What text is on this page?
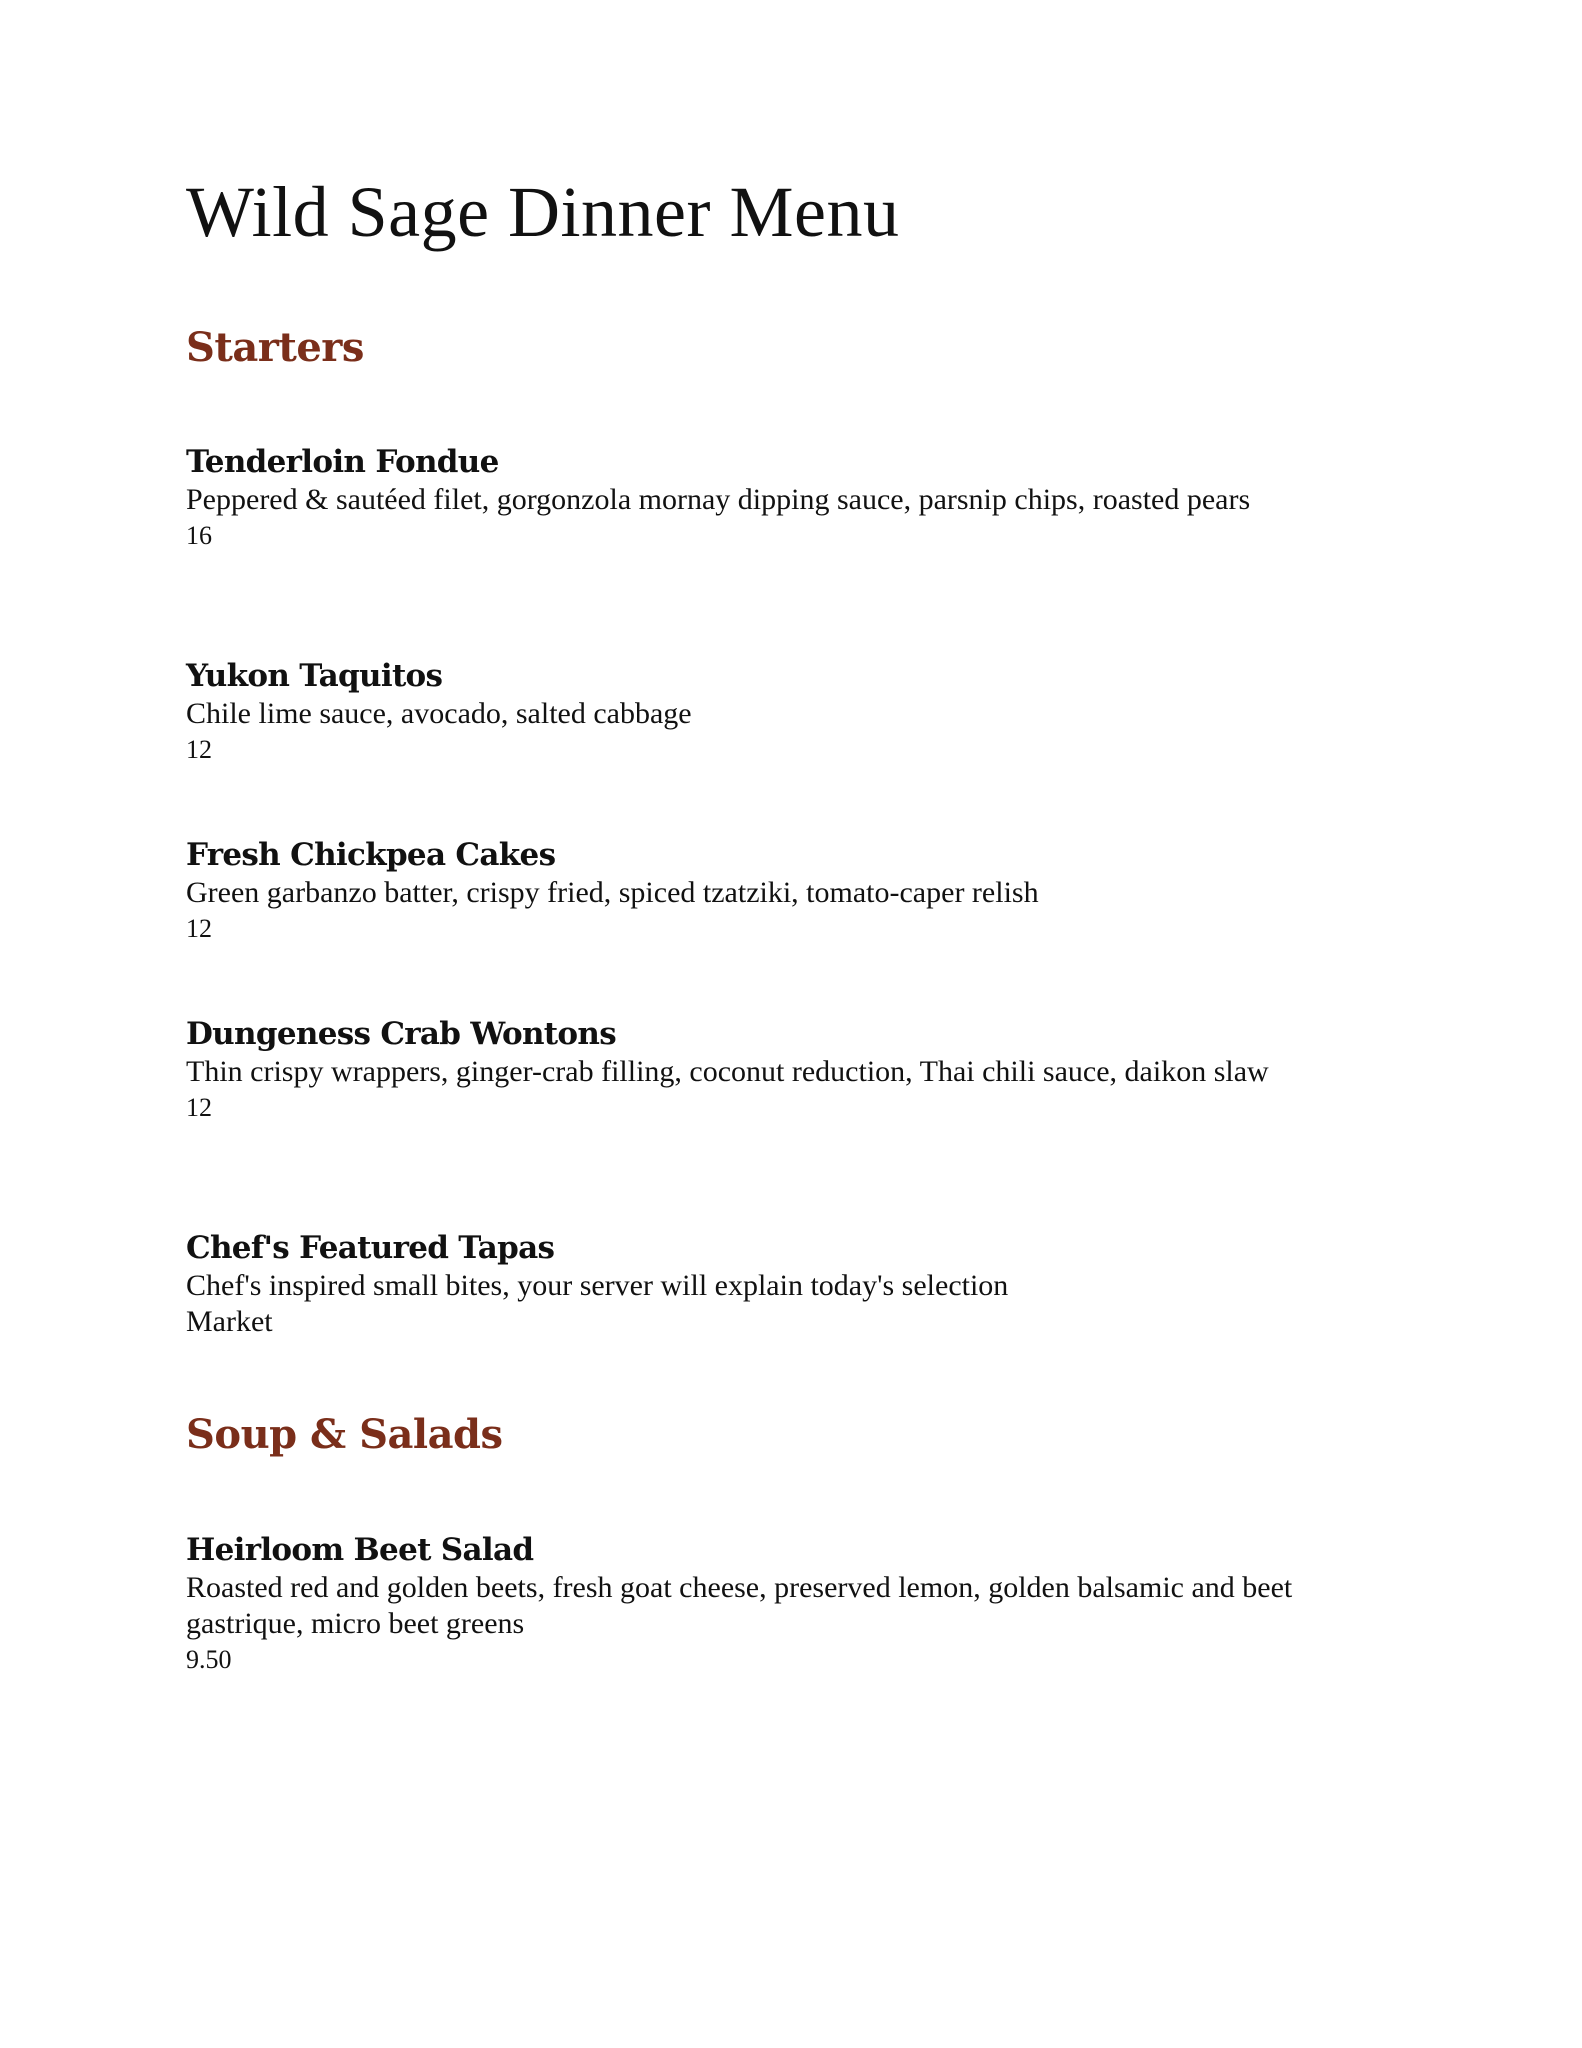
Wild Sage Dinner Menu
Starters

Tenderloin Fondue

Peppered & sautéed filet, gorgonzola mornay dipping sauce, parsnip chips, roasted pears

16

Yukon Taquitos

Chile lime sauce, avocado, salted cabbage

12

Fresh Chickpea Cakes

Green garbanzo batter, crispy fried, spiced tzatziki, tomato-caper relish

12

Dungeness Crab Wontons

Thin crispy wrappers, ginger-crab filling, coconut reduction, Thai chili sauce, daikon slaw

12

Chef's Featured Tapas

Chef's inspired small bites, your server will explain today's selection

Market

Soup & Salads

Heirloom Beet Salad

Roasted red and golden beets, fresh goat cheese, preserved lemon, golden balsamic and beet gastrique, micro beet greens

9.50
